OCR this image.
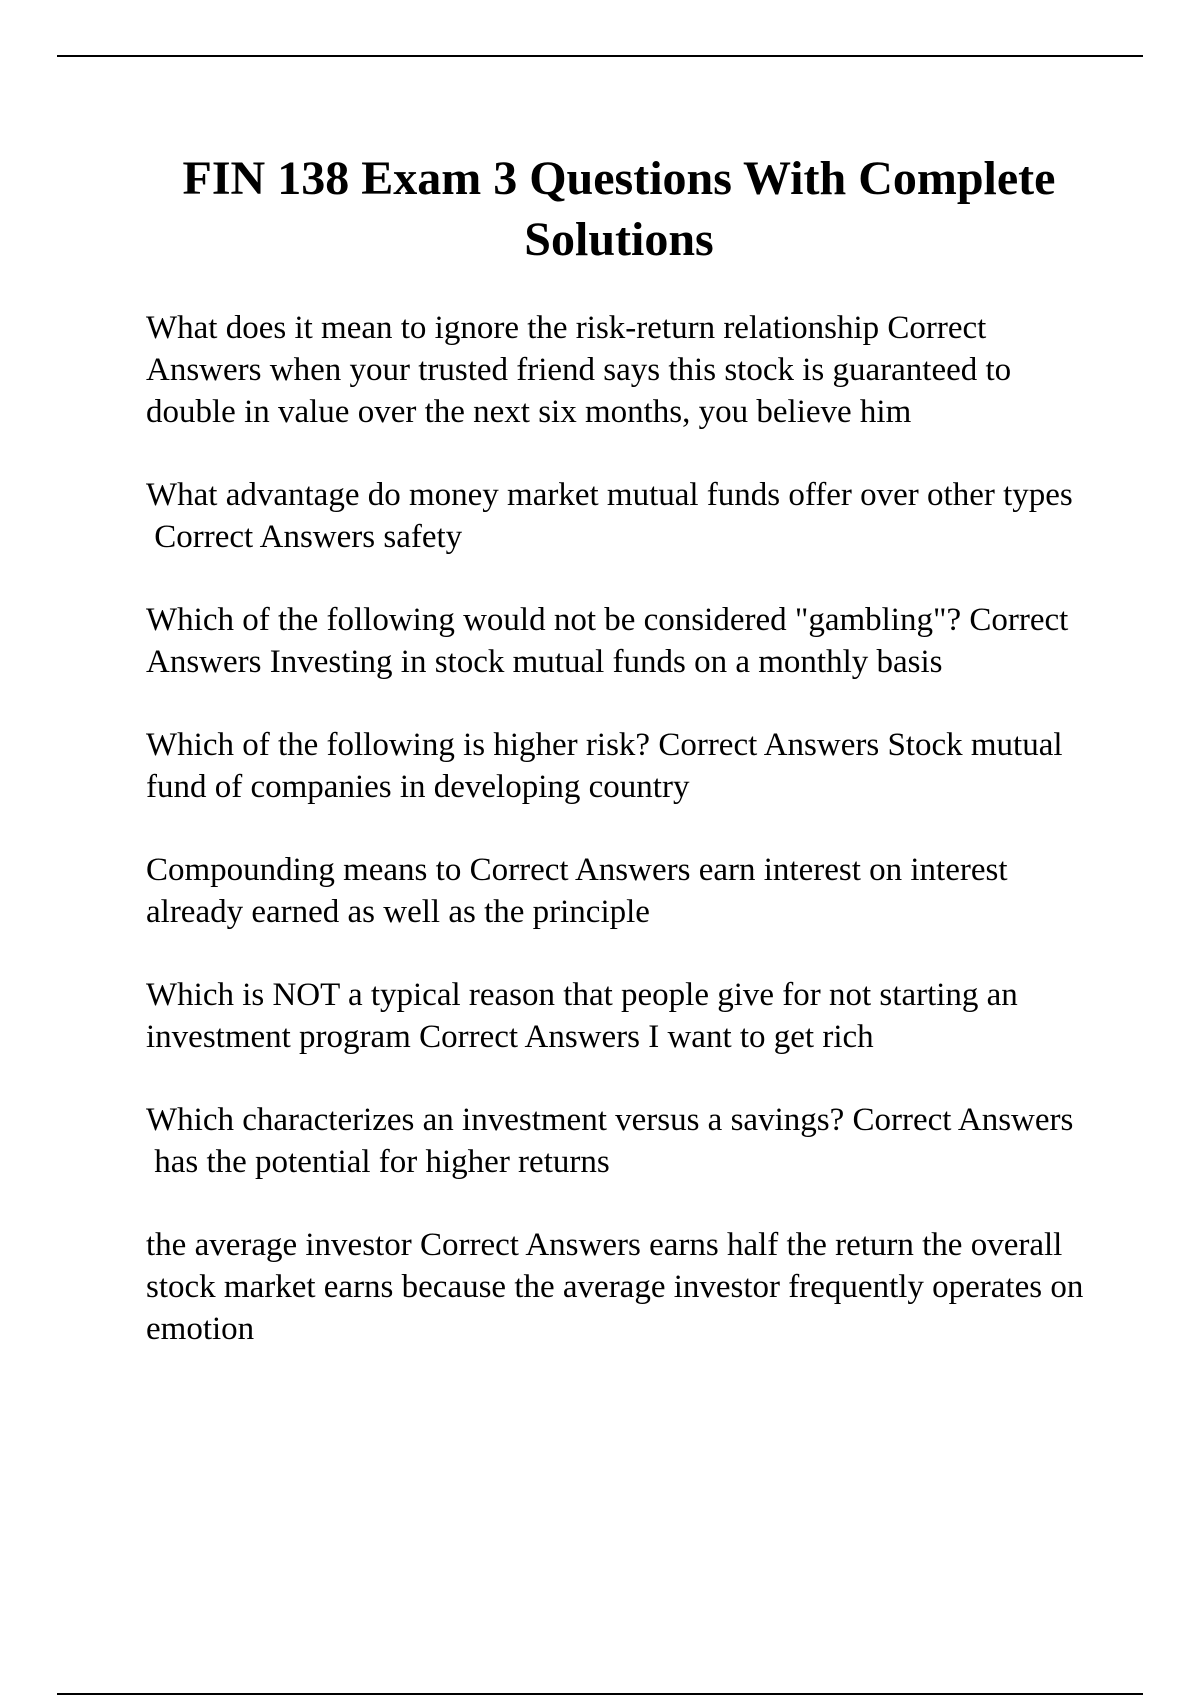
FIN 138 Exam 3 Questions With Complete Solutions
What does it mean to ignore the risk-return relationship Correct Answers when your trusted friend says this stock is guaranteed to double in value over the next six months, you believe him
What advantage do money market mutual funds offer over other types Correct Answers safety
Which of the following would not be considered "gambling"? Correct Answers Investing in stock mutual funds on a monthly basis
Which of the following is higher risk? Correct Answers Stock mutual fund of companies in developing country
Compounding means to Correct Answers earn interest on interest already earned as well as the principle
Which is NOT a typical reason that people give for not starting an investment program Correct Answers I want to get rich
Which characterizes an investment versus a savings? Correct Answers has the potential for higher returns
the average investor Correct Answers earns half the return the overall stock market earns because the average investor frequently operates on emotion
